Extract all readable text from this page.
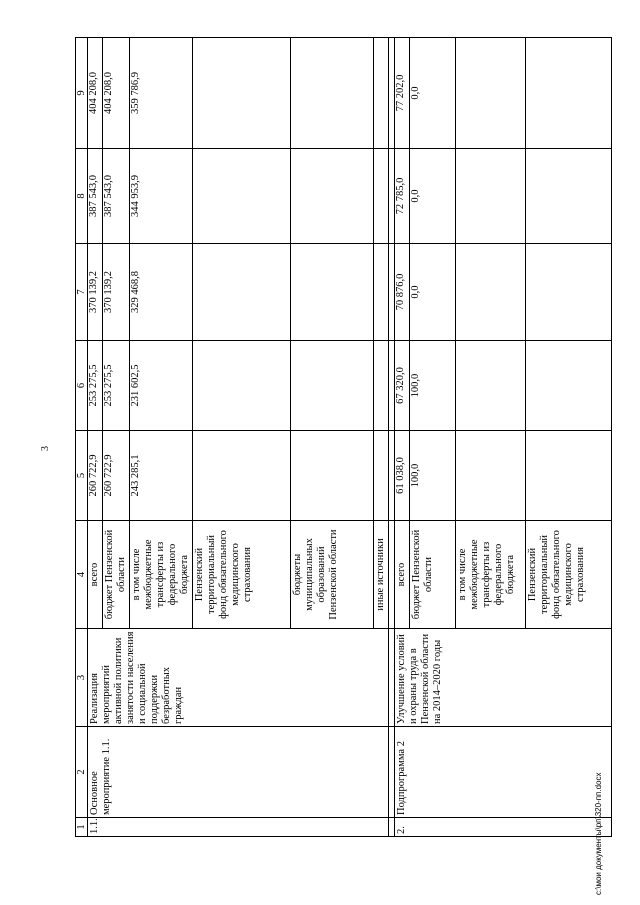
3
1	2	3	4	5	6	7	8	9
1.1.	Основное мероприятие 1.1.	Реализация мероприятий активной политики занятости населения и социальной поддержки безработных граждан	всего	260 722,9	253 275,5	370 139,2	387 543,0	404 208,0
			бюджет Пензенской области	260 722,9	253 275,5	370 139,2	387 543,0	404 208,0
			в том числе межбюджетные трансферты из федерального бюджета	243 285,1	231 602,5	329 468,8	344 953,9	359 786,9
			Пензенский территориальный фонд обязательного медицинского страхования					
			бюджеты муниципальных образований Пензенской области					
			иные источники					

2.	Подпрограмма 2	Улучшение условий и охраны труда в Пензенской области на 2014–2020 годы	всего	61 038,0	67 320,0	70 876,0	72 785,0	77 202,0
			бюджет Пензенской области	100,0	100,0	0,0	0,0	0,0
			в том числе межбюджетные трансферты из федерального бюджета					
			Пензенский территориальный фонд обязательного медицинского страхования					
c:\мои документы\рп\320-пп.docx
